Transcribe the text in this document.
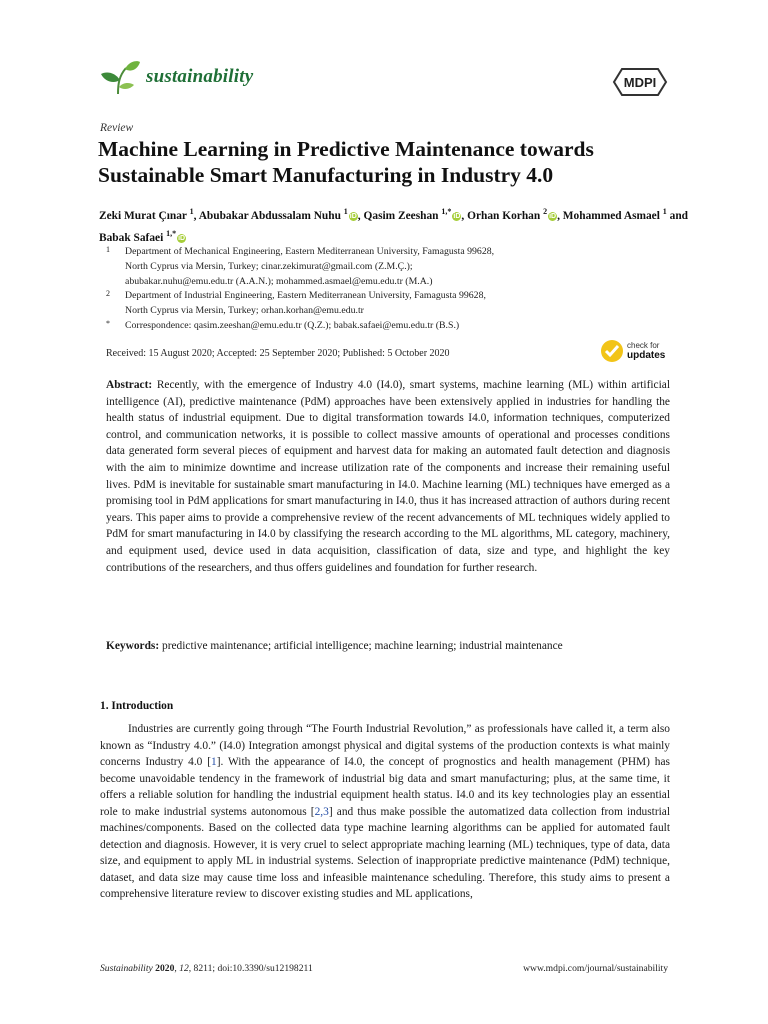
sustainability	MDPI
Review
Machine Learning in Predictive Maintenance towards Sustainable Smart Manufacturing in Industry 4.0
Zeki Murat Çınar $^1$, Abubakar Abdussalam Nuhu $^1$iD, Qasim Zeeshan $^{1,*}$iD, Orhan Korhan $^2$iD, Mohammed Asmael $^1$ and Babak Safaei $^{1,*}$iD
1 Department of Mechanical Engineering, Eastern Mediterranean University, Famagusta 99628,
North Cyprus via Mersin, Turkey; cinar.zekimurat@gmail.com (Z.M.Ç.);
abubakar.nuhu@emu.edu.tr (A.A.N.); mohammed.asmael@emu.edu.tr (M.A.)
2 Department of Industrial Engineering, Eastern Mediterranean University, Famagusta 99628,
North Cyprus via Mersin, Turkey; orhan.korhan@emu.edu.tr
* Correspondence: qasim.zeeshan@emu.edu.tr (Q.Z.); babak.safaei@emu.edu.tr (B.S.)
Received: 15 August 2020; Accepted: 25 September 2020; Published: 5 October 2020
check for
updates
Abstract: Recently, with the emergence of Industry 4.0 (I4.0), smart systems, machine learning (ML) within artificial intelligence (AI), predictive maintenance (PdM) approaches have been extensively applied in industries for handling the health status of industrial equipment. Due to digital transformation towards I4.0, information techniques, computerized control, and communication networks, it is possible to collect massive amounts of operational and processes conditions data generated form several pieces of equipment and harvest data for making an automated fault detection and diagnosis with the aim to minimize downtime and increase utilization rate of the components and increase their remaining useful lives. PdM is inevitable for sustainable smart manufacturing in I4.0. Machine learning (ML) techniques have emerged as a promising tool in PdM applications for smart manufacturing in I4.0, thus it has increased attraction of authors during recent years. This paper aims to provide a comprehensive review of the recent advancements of ML techniques widely applied to PdM for smart manufacturing in I4.0 by classifying the research according to the ML algorithms, ML category, machinery, and equipment used, device used in data acquisition, classification of data, size and type, and highlight the key contributions of the researchers, and thus offers guidelines and foundation for further research.
Keywords: predictive maintenance; artificial intelligence; machine learning; industrial maintenance
1. Introduction

Industries are currently going through “The Fourth Industrial Revolution,” as professionals have called it, a term also known as “Industry 4.0.” (I4.0) Integration amongst physical and digital systems of the production contexts is what mainly concerns Industry 4.0 [1]. With the appearance of I4.0, the concept of prognostics and health management (PHM) has become unavoidable tendency in the framework of industrial big data and smart manufacturing; plus, at the same time, it offers a reliable solution for handling the industrial equipment health status. I4.0 and its key technologies play an essential role to make industrial systems autonomous [2,3] and thus make possible the automatized data collection from industrial machines/components. Based on the collected data type machine learning algorithms can be applied for automated fault detection and diagnosis. However, it is very cruel to select appropriate maching learning (ML) techniques, type of data, data size, and equipment to apply ML in industrial systems. Selection of inappropriate predictive maintenance (PdM) technique, dataset, and data size may cause time loss and infeasible maintenance scheduling. Therefore, this study aims to present a comprehensive literature review to discover existing studies and ML applications,

Sustainability 2020, 12, 8211; doi:10.3390/su12198211	www.mdpi.com/journal/sustainability
